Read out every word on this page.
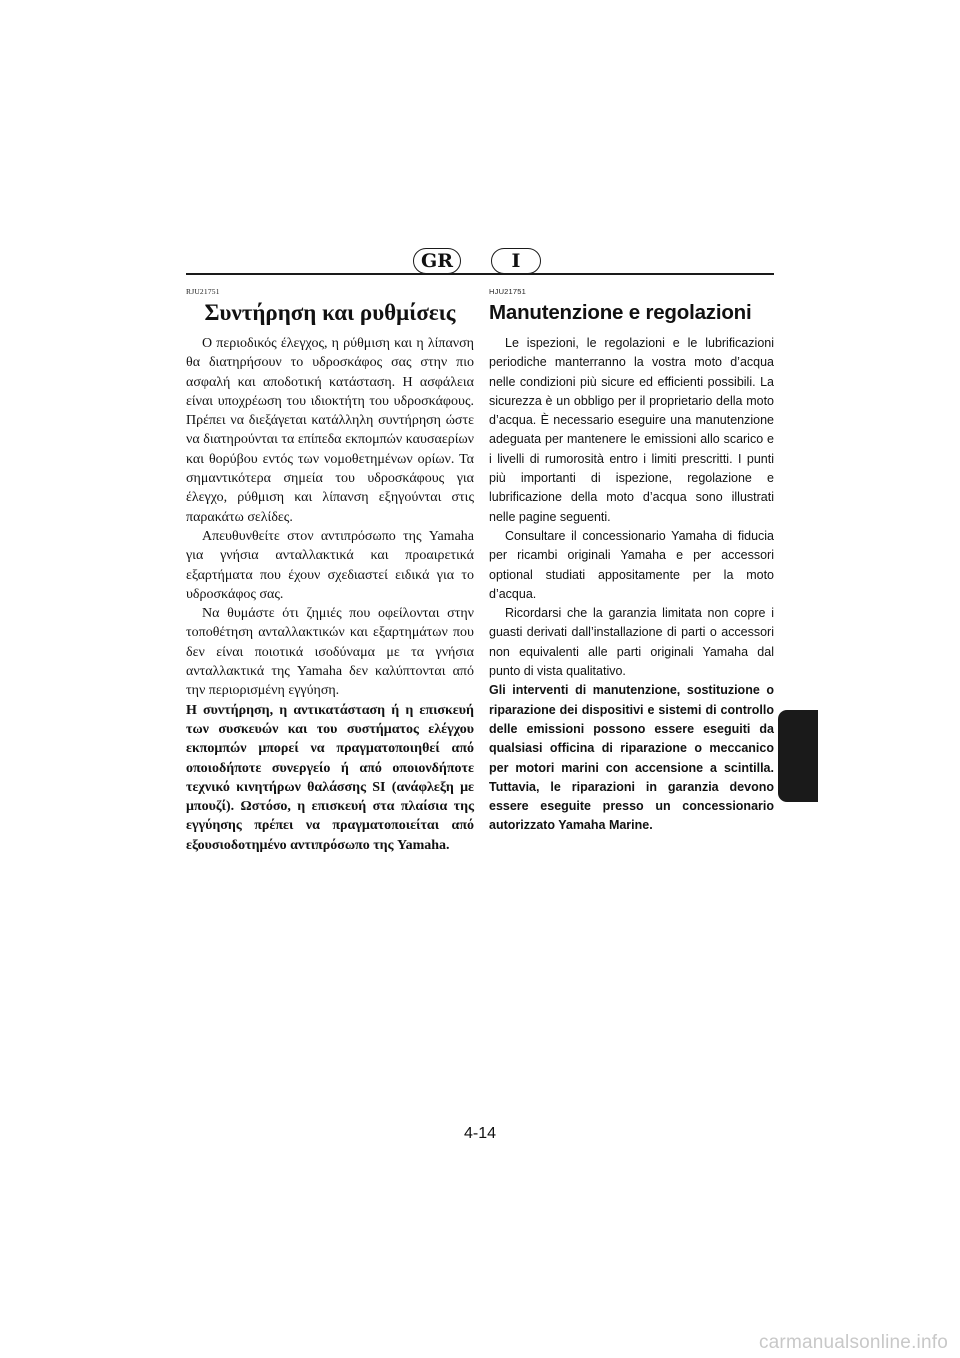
GR	I
RJU21751
Συντήρηση και ρυθμίσεις

Ο περιοδικός έλεγχος, η ρύθμιση και η λίπανση θα διατηρήσουν το υδροσκάφος σας στην πιο ασφαλή και αποδοτική κατάσταση. Η ασφάλεια είναι υποχρέωση του ιδιοκτήτη του υδροσκάφους. Πρέπει να διεξάγεται κατάλληλη συντήρηση ώστε να διατηρούνται τα επίπεδα εκπομπών καυσαερίων και θορύβου εντός των νομοθετημένων ορίων. Τα σημαντικότερα σημεία του υδροσκάφους για έλεγχο, ρύθμιση και λίπανση εξηγούνται στις παρακάτω σελίδες.

Απευθυνθείτε στον αντιπρόσωπο της Yamaha για γνήσια ανταλλακτικά και προαιρετικά εξαρτήματα που έχουν σχεδιαστεί ειδικά για το υδροσκάφος σας.

Να θυμάστε ότι ζημιές που οφείλονται στην τοποθέτηση ανταλλακτικών και εξαρτημάτων που δεν είναι ποιοτικά ισοδύναμα με τα γνήσια ανταλλακτικά της Yamaha δεν καλύπτονται από την περιορισμένη εγγύηση.

Η συντήρηση, η αντικατάσταση ή η επισκευή των συσκευών και του συστήματος ελέγχου εκπομπών μπορεί να πραγματοποιηθεί από οποιοδήποτε συνεργείο ή από οποιονδήποτε τεχνικό κινητήρων θαλάσσης SI (ανάφλεξη με μπουζί). Ωστόσο, η επισκευή στα πλαίσια της εγγύησης πρέπει να πραγματοποιείται από εξουσιοδοτημένο αντιπρόσωπο της Yamaha.

HJU21751
Manutenzione e regolazioni

Le ispezioni, le regolazioni e le lubrificazioni periodiche manterranno la vostra moto d’acqua nelle condizioni più sicure ed efficienti possibili. La sicurezza è un obbligo per il proprietario della moto d’acqua. È necessario eseguire una manutenzione adeguata per mantenere le emissioni allo scarico e i livelli di rumorosità entro i limiti prescritti. I punti più importanti di ispezione, regolazione e lubrificazione della moto d’acqua sono illustrati nelle pagine seguenti.

Consultare il concessionario Yamaha di fiducia per ricambi originali Yamaha e per accessori optional studiati appositamente per la moto d’acqua.

Ricordarsi che la garanzia limitata non copre i guasti derivati dall’installazione di parti o accessori non equivalenti alle parti originali Yamaha dal punto di vista qualitativo.

Gli interventi di manutenzione, sostituzione o riparazione dei dispositivi e sistemi di controllo delle emissioni possono essere eseguiti da qualsiasi officina di riparazione o meccanico per motori marini con accensione a scintilla. Tuttavia, le riparazioni in garanzia devono essere eseguite presso un concessionario autorizzato Yamaha Marine.

4-14
carmanualsonline.info
